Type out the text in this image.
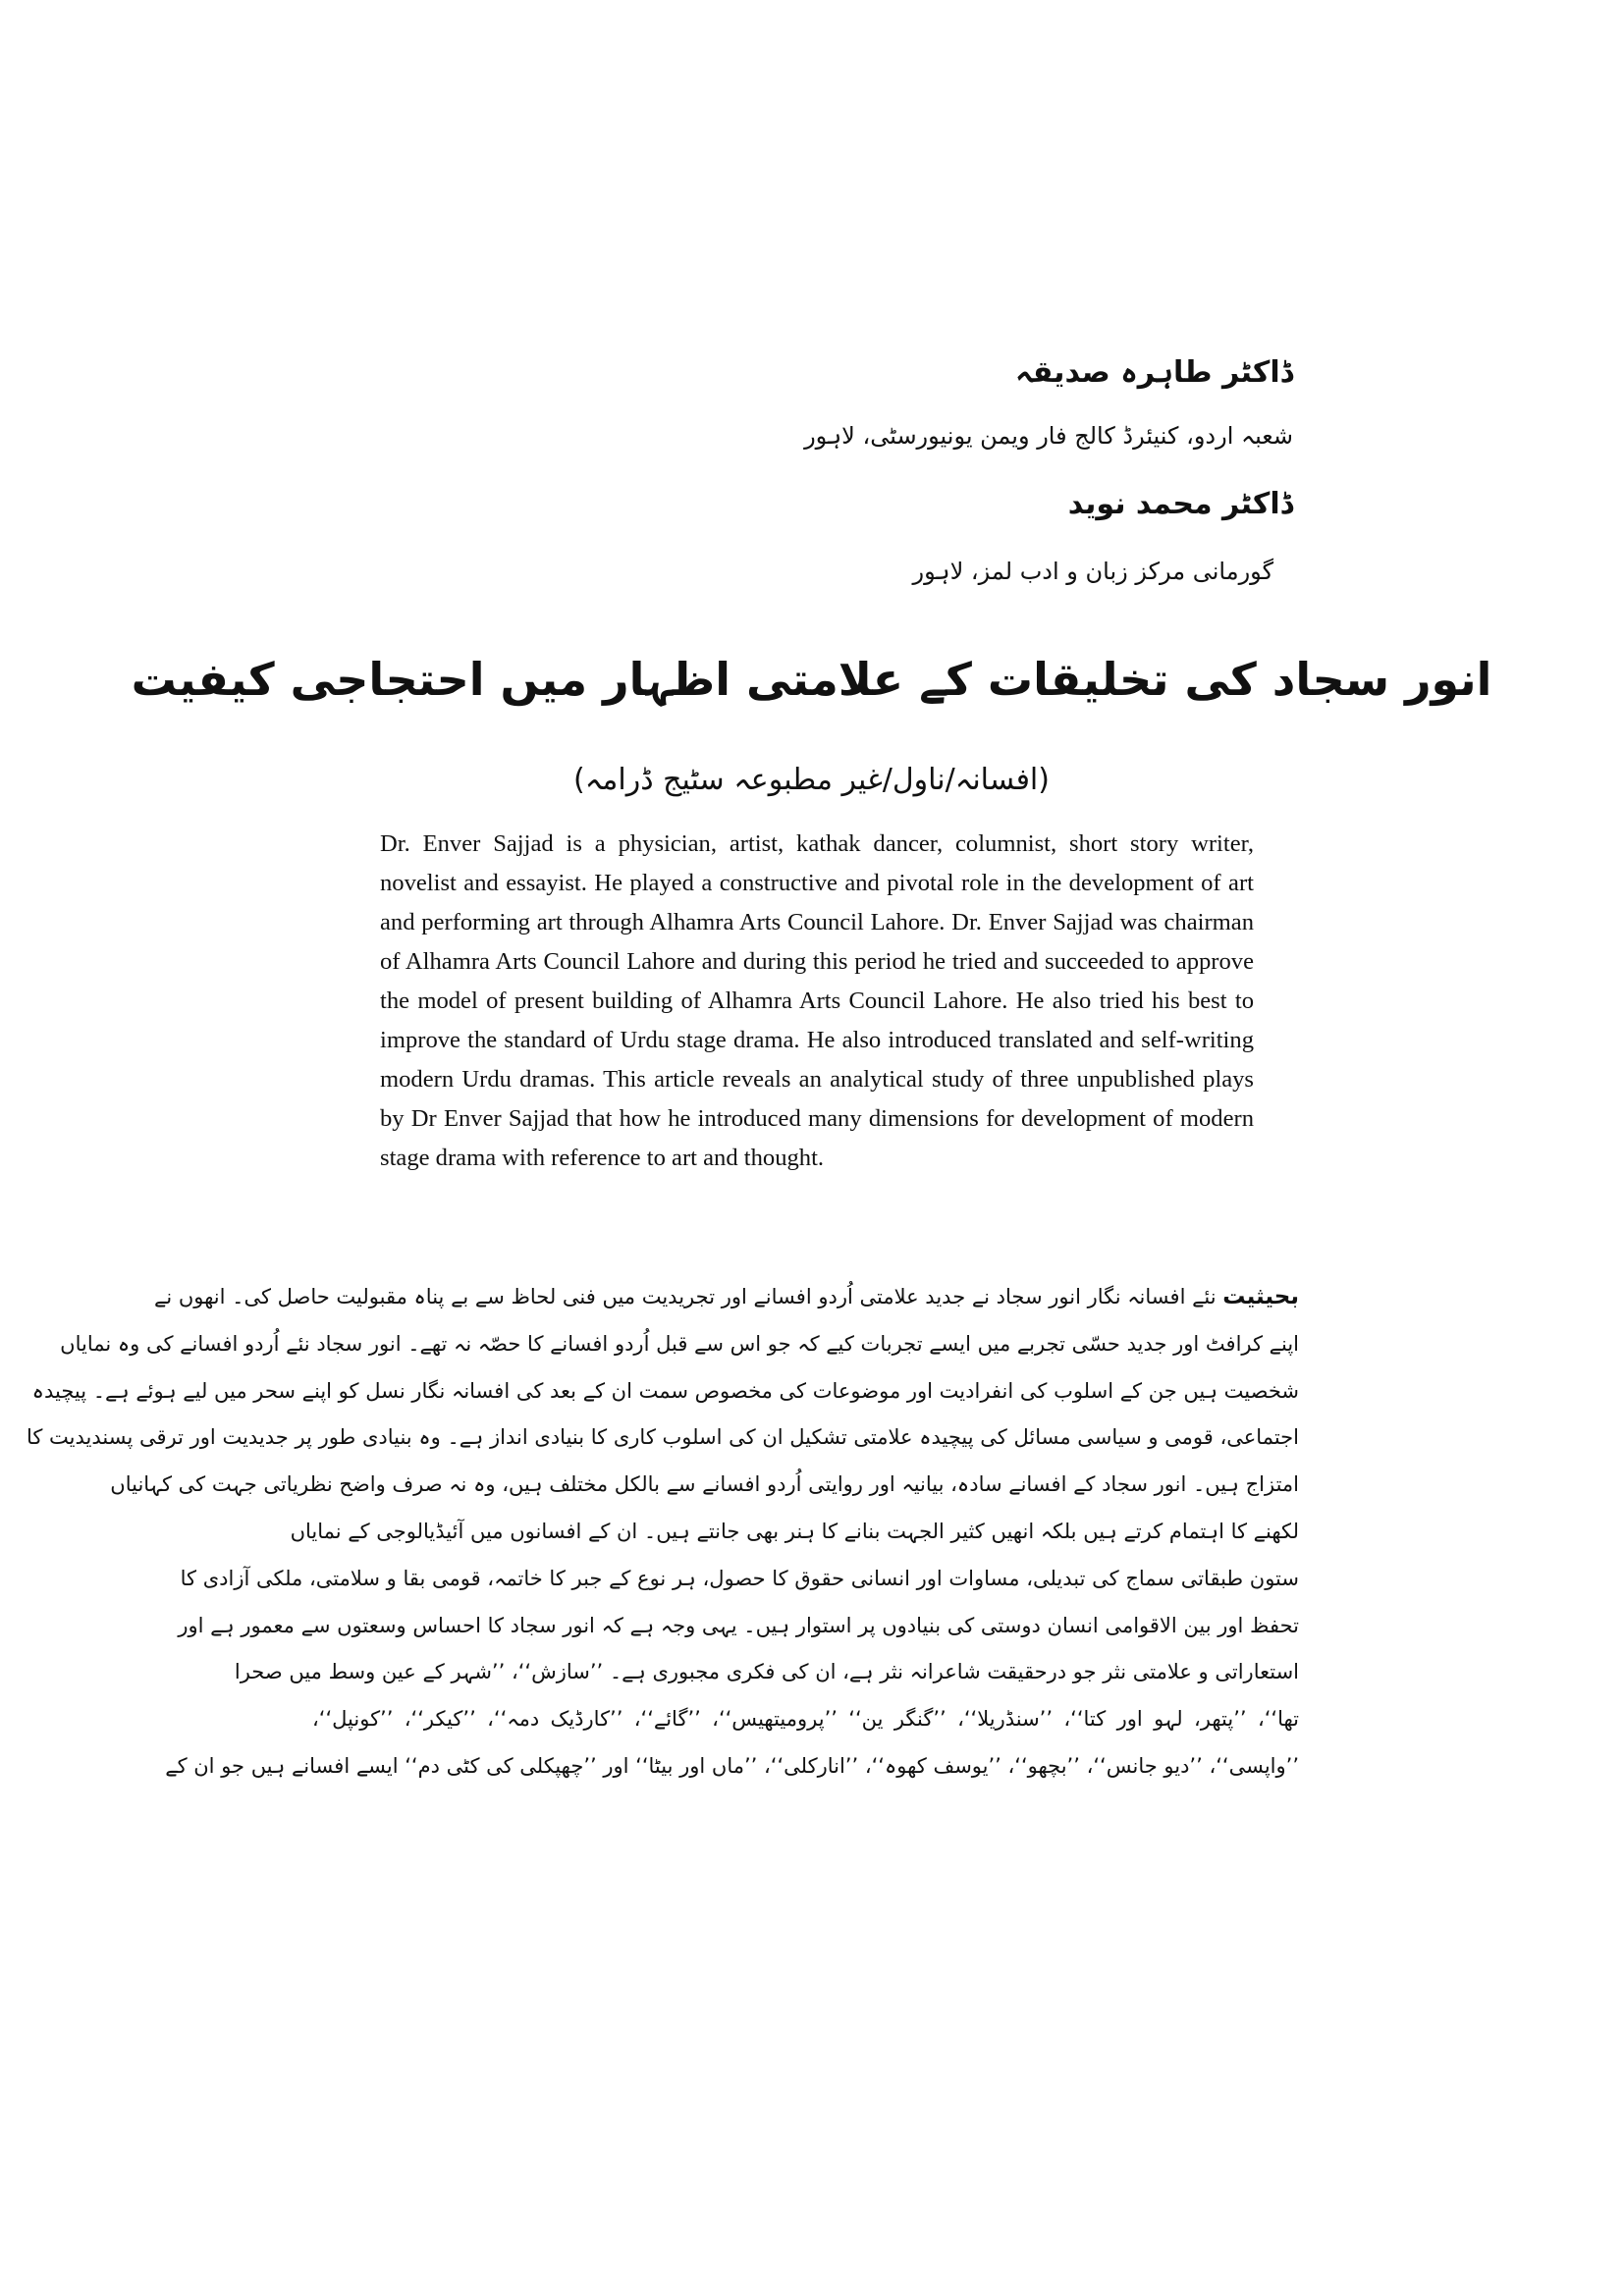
ڈاکٹر طاہرہ صدیقہ

شعبہ اردو، کنیئرڈ کالج فار ویمن یونیورسٹی، لاہور

ڈاکٹر محمد نوید

گورمانی مرکز زبان و ادب لمز، لاہور
انور سجاد کی تخلیقات کے علامتی اظہار میں احتجاجی کیفیت
(افسانہ/ناول/غیر مطبوعہ سٹیج ڈرامہ)

Dr. Enver Sajjad is a physician, artist, kathak dancer, columnist, short story writer, novelist and essayist. He played a constructive and pivotal role in the development of art and performing art through Alhamra Arts Council Lahore. Dr. Enver Sajjad was chairman of Alhamra Arts Council Lahore and during this period he tried and succeeded to approve the model of present building of Alhamra Arts Council Lahore. He also tried his best to improve the standard of Urdu stage drama. He also introduced translated and self-writing modern Urdu dramas. This article reveals an analytical study of three unpublished plays by Dr Enver Sajjad that how he introduced many dimensions for development of modern stage drama with reference to art and thought.

بحیثیت نئے افسانہ نگار انور سجاد نے جدید علامتی اُردو افسانے اور تجریدیت میں فنی لحاظ سے بے پناہ مقبولیت حاصل کی۔ انھوں نے
اپنے کرافٹ اور جدید حسّی تجربے میں ایسے تجربات کیے کہ جو اس سے قبل اُردو افسانے کا حصّہ نہ تھے۔ انور سجاد نئے اُردو افسانے کی وہ نمایاں
شخصیت ہیں جن کے اسلوب کی انفرادیت اور موضوعات کی مخصوص سمت ان کے بعد کی افسانہ نگار نسل کو اپنے سحر میں لیے ہوئے ہے۔ پیچیدہ
اجتماعی، قومی و سیاسی مسائل کی پیچیدہ علامتی تشکیل ان کی اسلوب کاری کا بنیادی انداز ہے۔ وہ بنیادی طور پر جدیدیت اور ترقی پسندیدیت کا
امتزاج ہیں۔ انور سجاد کے افسانے سادہ، بیانیہ اور روایتی اُردو افسانے سے بالکل مختلف ہیں، وہ نہ صرف واضح نظریاتی جہت کی کہانیاں
لکھنے کا اہتمام کرتے ہیں بلکہ انھیں کثیر الجہت بنانے کا ہنر بھی جانتے ہیں۔ ان کے افسانوں میں آئیڈیالوجی کے نمایاں
ستون طبقاتی سماج کی تبدیلی، مساوات اور انسانی حقوق کا حصول، ہر نوع کے جبر کا خاتمہ، قومی بقا و سلامتی، ملکی آزادی کا
تحفظ اور بین الاقوامی انسان دوستی کی بنیادوں پر استوار ہیں۔ یہی وجہ ہے کہ انور سجاد کا احساس وسعتوں سے معمور ہے اور
استعاراتی و علامتی نثر جو درحقیقت شاعرانہ نثر ہے، ان کی فکری مجبوری ہے۔ ’’سازش‘‘، ’’شہر کے عین وسط میں صحرا
تھا‘‘، ’’پتھر، لہو اور کتا‘‘، ’’سنڈریلا‘‘، ’’گنگر ین‘‘ ’’پرومیتھیس‘‘، ’’گائے‘‘، ’’کارڈیک دمہ‘‘، ’’کیکر‘‘، ’’کونپل‘‘،
’’واپسی‘‘، ’’دیو جانس‘‘، ’’بچھو‘‘، ’’یوسف کھوہ‘‘، ’’انارکلی‘‘، ’’ماں اور بیٹا‘‘ اور ’’چھپکلی کی کٹی دم‘‘ ایسے افسانے ہیں جو ان کے
